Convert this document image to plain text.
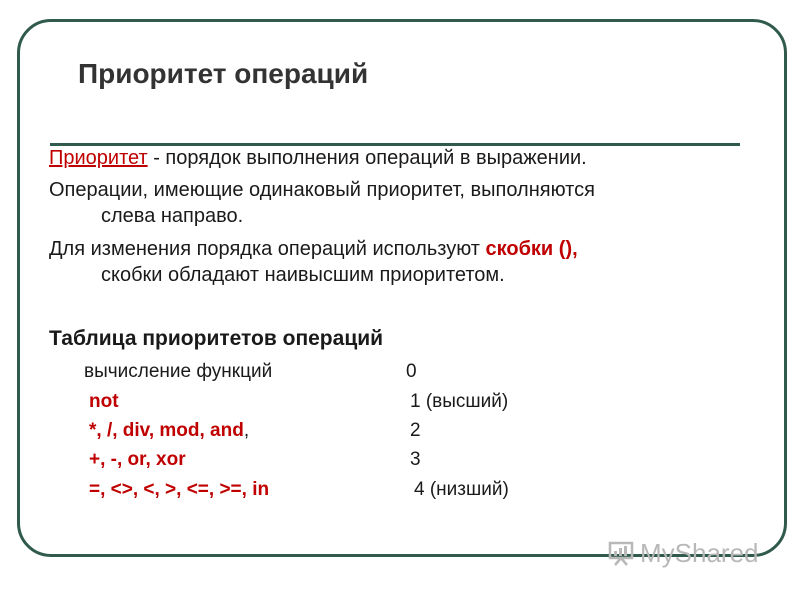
Приоритет операций

Приоритет - порядок выполнения операций в выражении.

Операции, имеющие одинаковый приоритет, выполняются
слева направо.

Для изменения порядка операций используют скобки (),
скобки обладают наивысшим приоритетом.

Таблица приоритетов операций
вычисление функций	0
not	1 (высший)
*, /, div, mod, and,	2
+, -, or, xor	3
=, <>, <, >, <=, >=, in	4 (низший)
MyShared
